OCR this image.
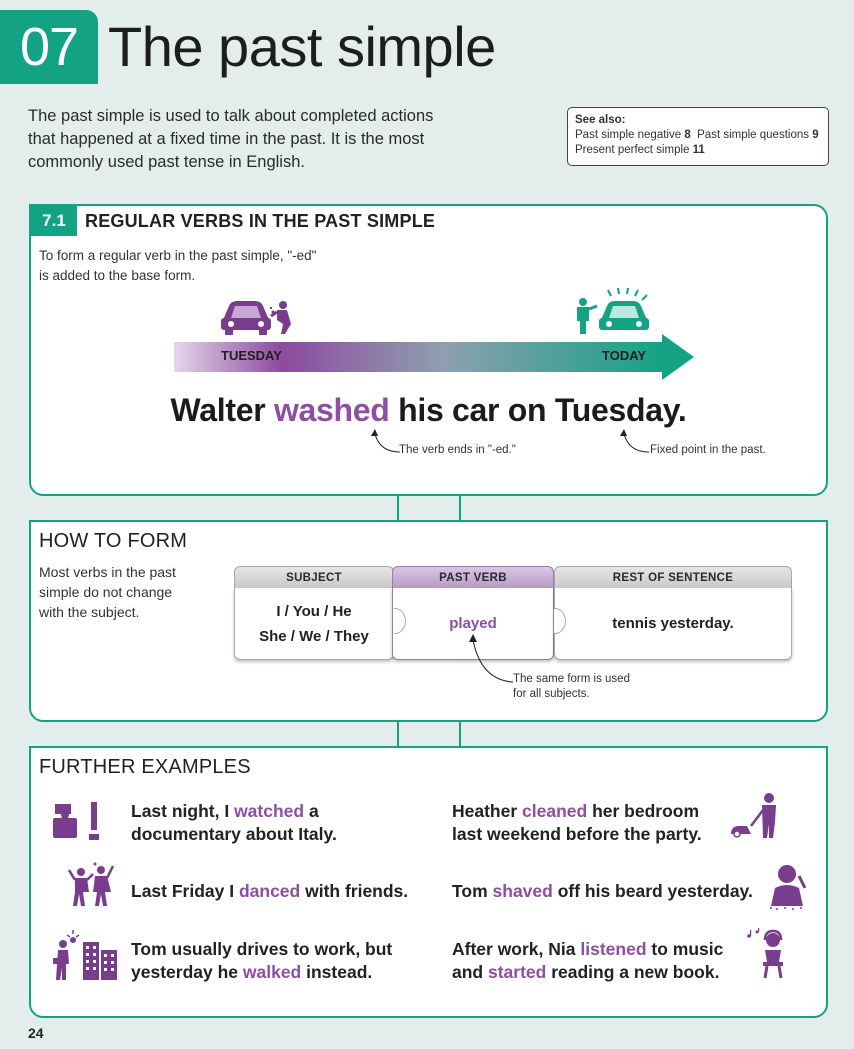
07 The past simple

The past simple is used to talk about completed actions that happened at a fixed time in the past. It is the most commonly used past tense in English.

See also:
Past simple negative 8 Past simple questions 9
Present perfect simple 11
7.1	REGULAR VERBS IN THE PAST SIMPLE

To form a regular verb in the past simple, "-ed" is added to the base form.

TUESDAY	TODAY
Walter washed his car on Tuesday.
The verb ends in "-ed."	Fixed point in the past.
HOW TO FORM

Most verbs in the past simple do not change with the subject.

SUBJECT
I / You / He
She / We / They
PAST VERB
played
REST OF SENTENCE
tennis yesterday.
The same form is used for all subjects.
FURTHER EXAMPLES
Last night, I watched a
documentary about Italy.
Heather cleaned her bedroom
last weekend before the party.
Last Friday I danced with friends.	Tom shaved off his beard yesterday.
Tom usually drives to work, but
yesterday he walked instead.
After work, Nia listened to music
and started reading a new book.
24
